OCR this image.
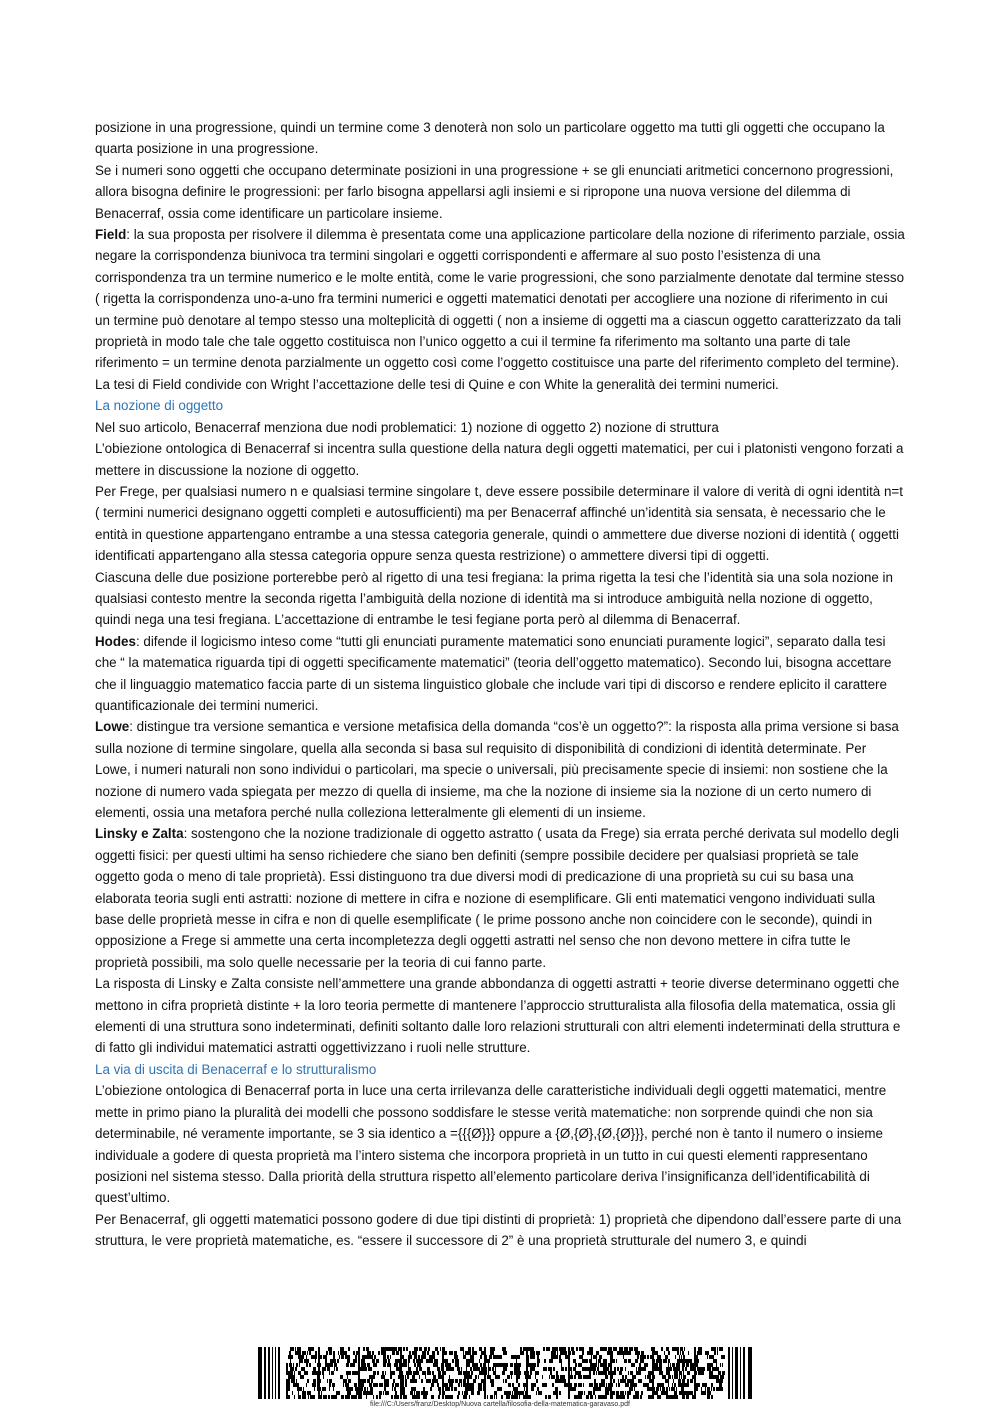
posizione in una progressione, quindi un termine come 3 denoterà non solo un particolare oggetto ma tutti gli oggetti che occupano la quarta posizione in una progressione.

Se i numeri sono oggetti che occupano determinate posizioni in una progressione + se gli enunciati aritmetici concernono progressioni, allora bisogna definire le progressioni: per farlo bisogna appellarsi agli insiemi e si ripropone una nuova versione del dilemma di Benacerraf, ossia come identificare un particolare insieme.

Field: la sua proposta per risolvere il dilemma è presentata come una applicazione particolare della nozione di riferimento parziale, ossia negare la corrispondenza biunivoca tra termini singolari e oggetti corrispondenti e affermare al suo posto l’esistenza di una corrispondenza tra un termine numerico e le molte entità, come le varie progressioni, che sono parzialmente denotate dal termine stesso ( rigetta la corrispondenza uno-a-uno fra termini numerici e oggetti matematici denotati per accogliere una nozione di riferimento in cui un termine può denotare al tempo stesso una molteplicità di oggetti ( non a insieme di oggetti ma a ciascun oggetto caratterizzato da tali proprietà in modo tale che tale oggetto costituisca non l’unico oggetto a cui il termine fa riferimento ma soltanto una parte di tale riferimento = un termine denota parzialmente un oggetto così come l’oggetto costituisce una parte del riferimento completo del termine).

La tesi di Field condivide con Wright l’accettazione delle tesi di Quine e con White la generalità dei termini numerici.

La nozione di oggetto

Nel suo articolo, Benacerraf menziona due nodi problematici: 1) nozione di oggetto 2) nozione di struttura

L’obiezione ontologica di Benacerraf si incentra sulla questione della natura degli oggetti matematici, per cui i platonisti vengono forzati a mettere in discussione la nozione di oggetto.

Per Frege, per qualsiasi numero n e qualsiasi termine singolare t, deve essere possibile determinare il valore di verità di ogni identità n=t ( termini numerici designano oggetti completi e autosufficienti) ma per Benacerraf affinché un’identità sia sensata, è necessario che le entità in questione appartengano entrambe a una stessa categoria generale, quindi o ammettere due diverse nozioni di identità ( oggetti identificati appartengano alla stessa categoria oppure senza questa restrizione) o ammettere diversi tipi di oggetti.

Ciascuna delle due posizione porterebbe però al rigetto di una tesi fregiana: la prima rigetta la tesi che l’identità sia una sola nozione in qualsiasi contesto mentre la seconda rigetta l’ambiguità della nozione di identità ma si introduce ambiguità nella nozione di oggetto, quindi nega una tesi fregiana. L’accettazione di entrambe le tesi fegiane porta però al dilemma di Benacerraf.

Hodes: difende il logicismo inteso come “tutti gli enunciati puramente matematici sono enunciati puramente logici”, separato dalla tesi che “ la matematica riguarda tipi di oggetti specificamente matematici” (teoria dell’oggetto matematico). Secondo lui, bisogna accettare che il linguaggio matematico faccia parte di un sistema linguistico globale che include vari tipi di discorso e rendere eplicito il carattere quantificazionale dei termini numerici.

Lowe: distingue tra versione semantica e versione metafisica della domanda “cos’è un oggetto?”: la risposta alla prima versione si basa sulla nozione di termine singolare, quella alla seconda si basa sul requisito di disponibilità di condizioni di identità determinate. Per Lowe, i numeri naturali non sono individui o particolari, ma specie o universali, più precisamente specie di insiemi: non sostiene che la nozione di numero vada spiegata per mezzo di quella di insieme, ma che la nozione di insieme sia la nozione di un certo numero di elementi, ossia una metafora perché nulla colleziona letteralmente gli elementi di un insieme.

Linsky e Zalta: sostengono che la nozione tradizionale di oggetto astratto ( usata da Frege) sia errata perché derivata sul modello degli oggetti fisici: per questi ultimi ha senso richiedere che siano ben definiti (sempre possibile decidere per qualsiasi proprietà se tale oggetto goda o meno di tale proprietà). Essi distinguono tra due diversi modi di predicazione di una proprietà su cui su basa una elaborata teoria sugli enti astratti: nozione di mettere in cifra e nozione di esemplificare. Gli enti matematici vengono individuati sulla base delle proprietà messe in cifra e non di quelle esemplificate ( le prime possono anche non coincidere con le seconde), quindi in opposizione a Frege si ammette una certa incompletezza degli oggetti astratti nel senso che non devono mettere in cifra tutte le proprietà possibili, ma solo quelle necessarie per la teoria di cui fanno parte.

La risposta di Linsky e Zalta consiste nell’ammettere una grande abbondanza di oggetti astratti + teorie diverse determinano oggetti che mettono in cifra proprietà distinte + la loro teoria permette di mantenere l’approccio strutturalista alla filosofia della matematica, ossia gli elementi di una struttura sono indeterminati, definiti soltanto dalle loro relazioni strutturali con altri elementi indeterminati della struttura e di fatto gli individui matematici astratti oggettivizzano i ruoli nelle strutture.

La via di uscita di Benacerraf e lo strutturalismo

L’obiezione ontologica di Benacerraf porta in luce una certa irrilevanza delle caratteristiche individuali degli oggetti matematici, mentre mette in primo piano la pluralità dei modelli che possono soddisfare le stesse verità matematiche: non sorprende quindi che non sia determinabile, né veramente importante, se 3 sia identico a ={{{Ø}}} oppure a {Ø,{Ø},{Ø,{Ø}}}, perché non è tanto il numero o insieme individuale a godere di questa proprietà ma l’intero sistema che incorpora proprietà in un tutto in cui questi elementi rappresentano posizioni nel sistema stesso. Dalla priorità della struttura rispetto all’elemento particolare deriva l’insignificanza dell’identificabilità di quest’ultimo.

Per Benacerraf, gli oggetti matematici possono godere di due tipi distinti di proprietà: 1) proprietà che dipendono dall’essere parte di una struttura, le vere proprietà matematiche, es. “essere il successore di 2” è una proprietà strutturale del numero 3, e quindi

file:///C:/Users/franz/Desktop/Nuova cartella/filosofia-della-matematica-garavaso.pdf
